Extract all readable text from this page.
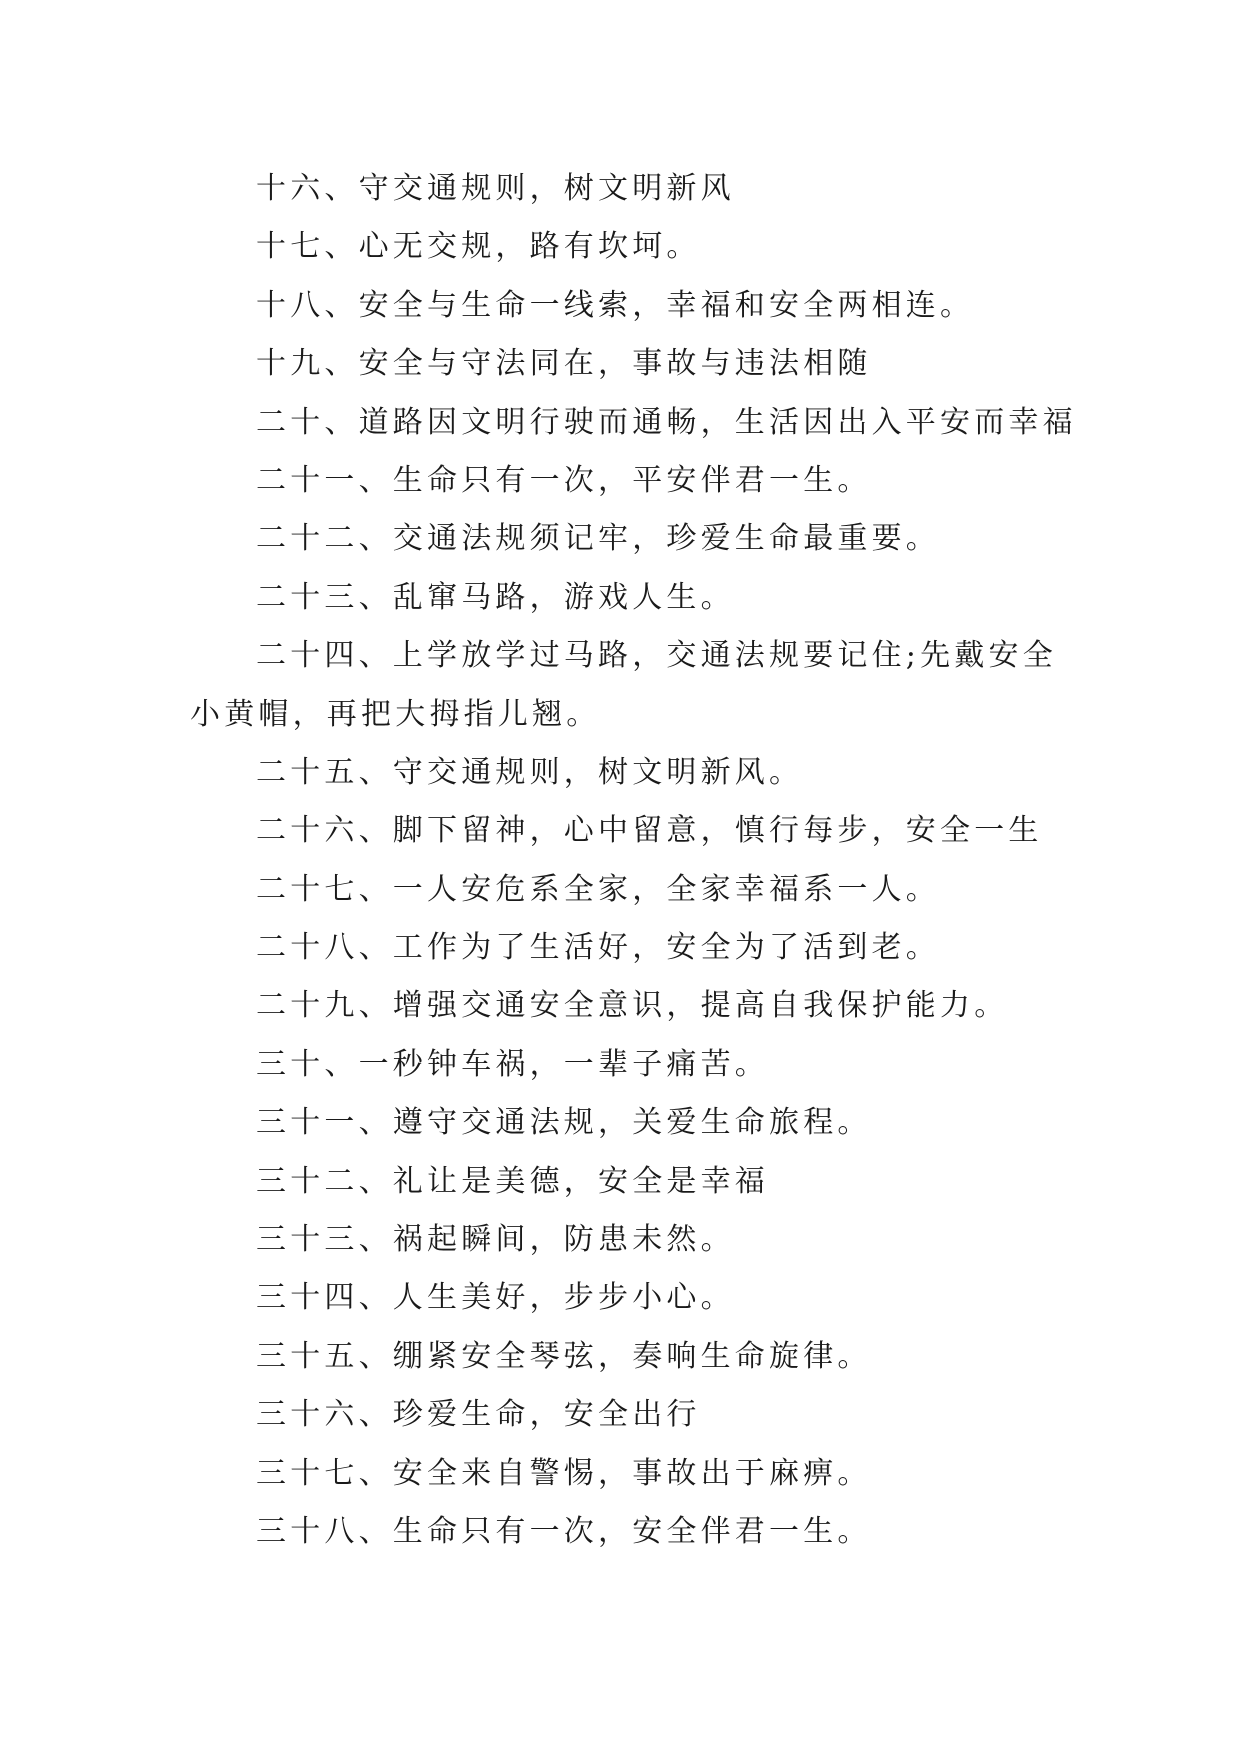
十六、守交通规则，树文明新风
十七、心无交规，路有坎坷。
十八、安全与生命一线索，幸福和安全两相连。
十九、安全与守法同在，事故与违法相随
二十、道路因文明行驶而通畅，生活因出入平安而幸福
二十一、生命只有一次，平安伴君一生。
二十二、交通法规须记牢，珍爱生命最重要。
二十三、乱窜马路，游戏人生。
二十四、上学放学过马路，交通法规要记住;先戴安全
小黄帽，再把大拇指儿翘。
二十五、守交通规则，树文明新风。
二十六、脚下留神，心中留意，慎行每步，安全一生
二十七、一人安危系全家，全家幸福系一人。
二十八、工作为了生活好，安全为了活到老。
二十九、增强交通安全意识，提高自我保护能力。
三十、一秒钟车祸，一辈子痛苦。
三十一、遵守交通法规，关爱生命旅程。
三十二、礼让是美德，安全是幸福
三十三、祸起瞬间，防患未然。
三十四、人生美好，步步小心。
三十五、绷紧安全琴弦，奏响生命旋律。
三十六、珍爱生命，安全出行
三十七、安全来自警惕，事故出于麻痹。
三十八、生命只有一次，安全伴君一生。
